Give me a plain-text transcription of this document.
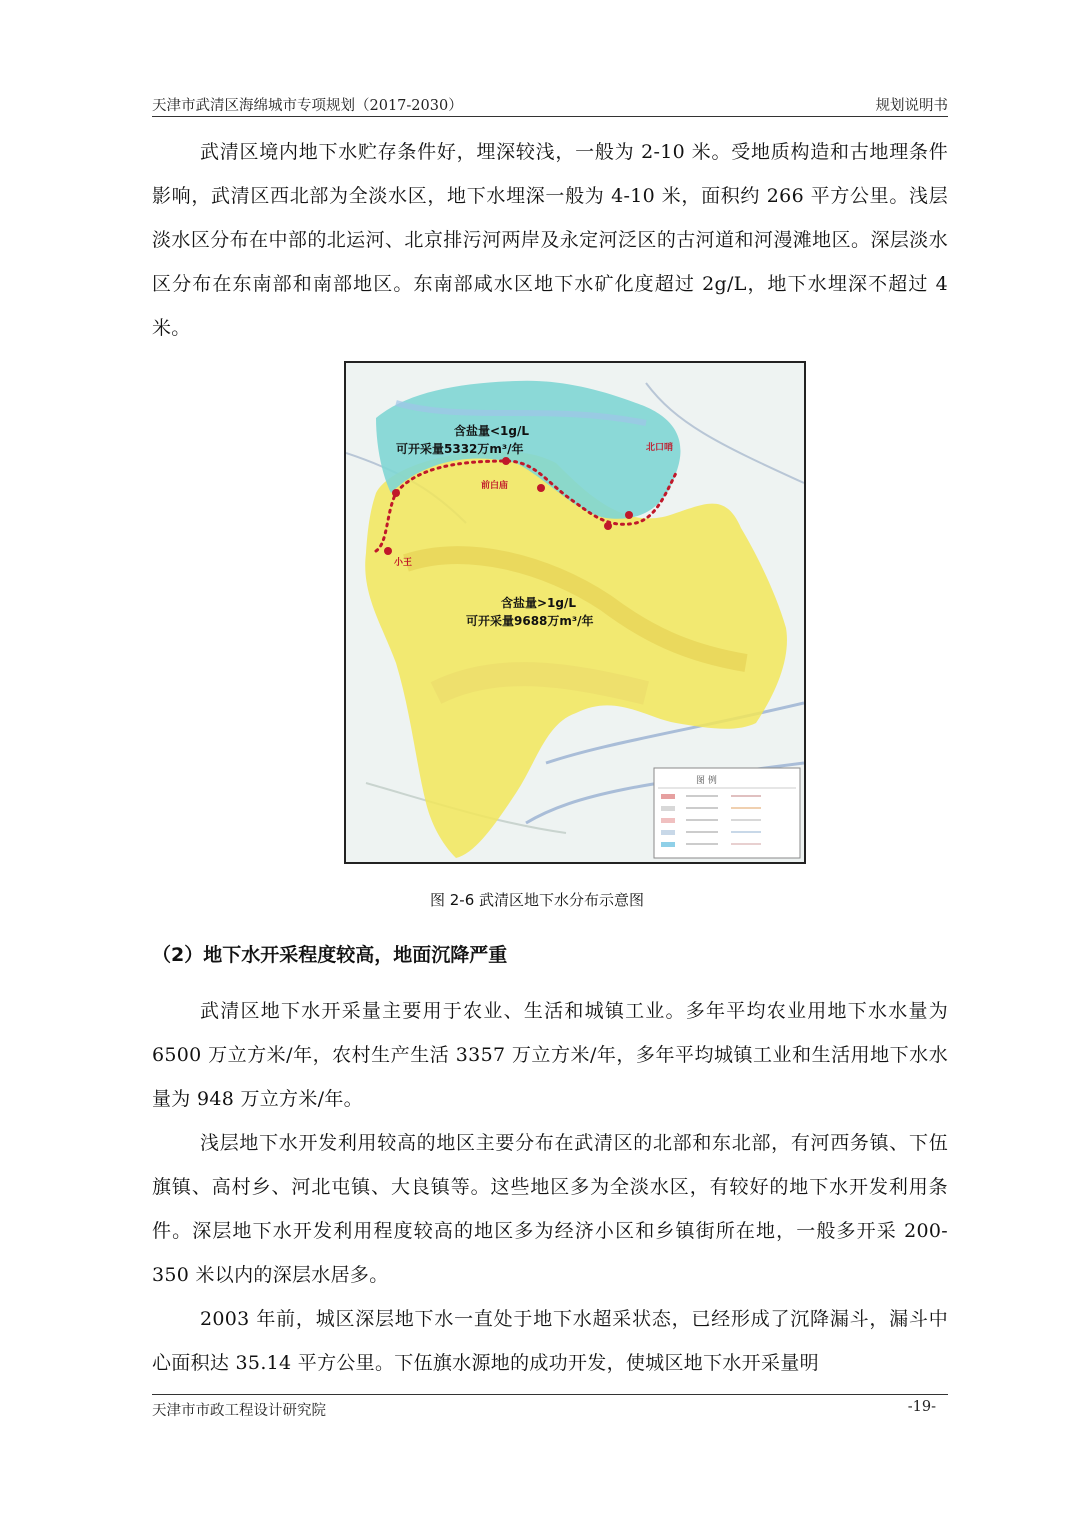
天津市武清区海绵城市专项规划（2017-2030）	规划说明书

武清区境内地下水贮存条件好，埋深较浅，一般为 2-10 米。受地质构造和古地理条件影响，武清区西北部为全淡水区，地下水埋深一般为 4-10 米，面积约 266 平方公里。浅层淡水区分布在中部的北运河、北京排污河两岸及永定河泛区的古河道和河漫滩地区。深层淡水区分布在东南部和南部地区。东南部咸水区地下水矿化度超过 2g/L，地下水埋深不超过 4 米。

含盐量<1g/L
可开采量5332万m³/年
含盐量>1g/L
可开采量9688万m³/年
北口哨
前白庙
小王
图 例
图 2-6 武清区地下水分布示意图
（2）地下水开采程度较高，地面沉降严重

武清区地下水开采量主要用于农业、生活和城镇工业。多年平均农业用地下水水量为 6500 万立方米/年，农村生产生活 3357 万立方米/年，多年平均城镇工业和生活用地下水水量为 948 万立方米/年。

浅层地下水开发利用较高的地区主要分布在武清区的北部和东北部，有河西务镇、下伍旗镇、高村乡、河北屯镇、大良镇等。这些地区多为全淡水区，有较好的地下水开发利用条件。深层地下水开发利用程度较高的地区多为经济小区和乡镇街所在地，一般多开采 200-350 米以内的深层水居多。

2003 年前，城区深层地下水一直处于地下水超采状态，已经形成了沉降漏斗，漏斗中心面积达 35.14 平方公里。下伍旗水源地的成功开发，使城区地下水开采量明

天津市市政工程设计研究院	-19-
